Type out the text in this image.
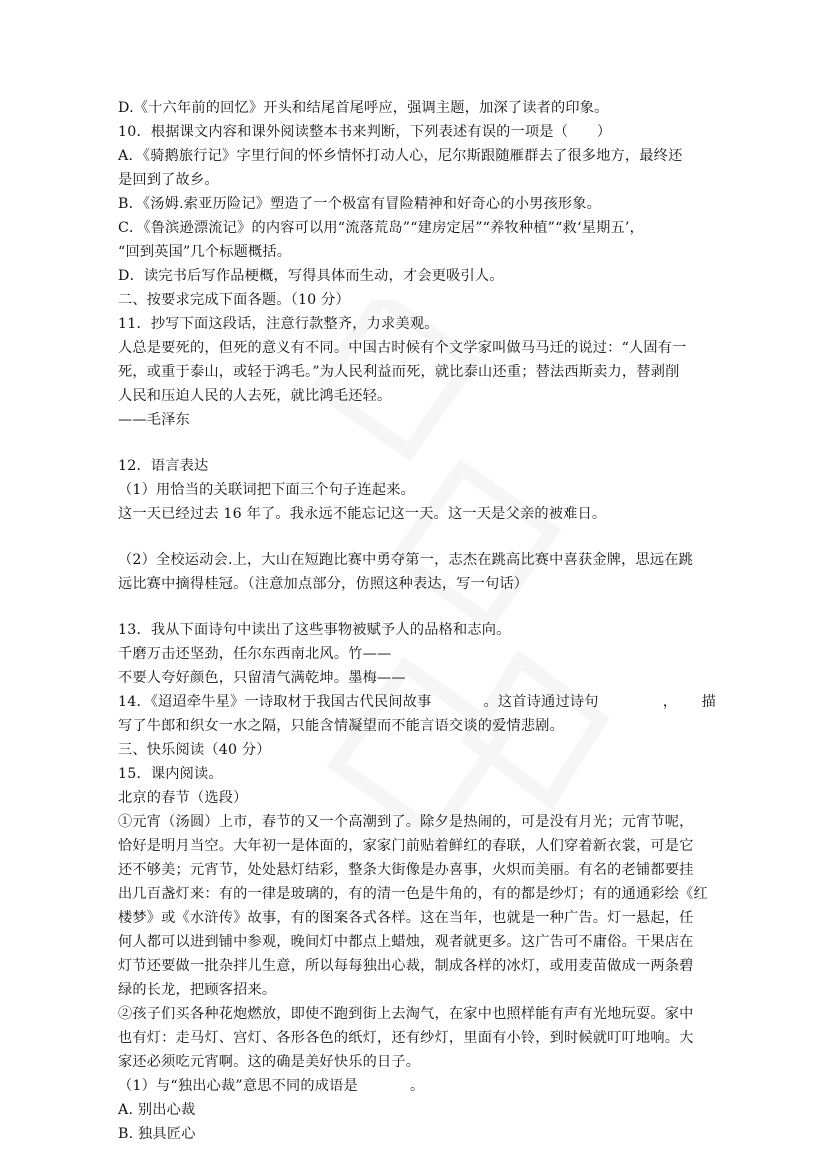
D.《十六年前的回忆》开头和结尾首尾呼应，强调主题，加深了读者的印象。

10．根据课文内容和课外阅读整本书来判断，下列表述有误的一项是（　　）

A．《骑鹅旅行记》字里行间的怀乡情怀打动人心，尼尔斯跟随雁群去了很多地方，最终还

是回到了故乡。

B．《汤姆.索亚历险记》塑造了一个极富有冒险精神和好奇心的小男孩形象。

C．《鲁滨逊漂流记》的内容可以用“流落荒岛”“建房定居”“养牧种植”“救‘星期五’，

“回到英国”几个标题概括。

D．读完书后写作品梗概，写得具体而生动，才会更吸引人。

二、按要求完成下面各题。（10 分）

11．抄写下面这段话，注意行款整齐，力求美观。

人总是要死的，但死的意义有不同。中国古时候有个文学家叫做马马迁的说过：“人固有一

死，或重于泰山，或轻于鸿毛。”为人民利益而死，就比泰山还重；替法西斯卖力，替剥削

人民和压迫人民的人去死，就比鸿毛还轻。

——毛泽东

12．语言表达

（1）用恰当的关联词把下面三个句子连起来。

这一天已经过去 16 年了。我永远不能忘记这一天。这一天是父亲的被难日。

（2）全校运动会.上，大山在短跑比赛中勇夺第一，志杰在跳高比赛中喜获金牌，思远在跳

远比赛中摘得桂冠。（注意加点部分，仿照这种表达，写一句话）

13．我从下面诗句中读出了这些事物被赋予人的品格和志向。

千磨万击还坚劲，任尔东西南北风。竹——

不要人夸好颜色，只留清气满乾坤。墨梅——

14．《迢迢牵牛星》一诗取材于我国古代民间故事	。这首诗通过诗句	， 描

写了牛郎和织女一水之隔，只能含情凝望而不能言语交谈的爱情悲剧。

三、快乐阅读（40 分）

15．课内阅读。

北京的春节（选段）

①元宵（汤圆）上市，春节的又一个高潮到了。除夕是热闹的，可是没有月光；元宵节呢，

恰好是明月当空。大年初一是体面的，家家门前贴着鲜红的春联，人们穿着新衣裳，可是它

还不够美；元宵节，处处悬灯结彩，整条大街像是办喜事，火炽而美丽。有名的老铺都要挂

出几百盏灯来：有的一律是玻璃的，有的清一色是牛角的，有的都是纱灯；有的通通彩绘《红

楼梦》或《水浒传》故事，有的图案各式各样。这在当年，也就是一种广告。灯一悬起，任

何人都可以进到铺中参观，晚间灯中都点上蜡烛，观者就更多。这广告可不庸俗。干果店在

灯节还要做一批杂拌儿生意，所以每每独出心裁，制成各样的冰灯，或用麦苗做成一两条碧

绿的长龙，把顾客招来。

②孩子们买各种花炮燃放，即使不跑到街上去淘气，在家中也照样能有声有光地玩耍。家中

也有灯：走马灯、宫灯、各形各色的纸灯，还有纱灯，里面有小铃，到时候就叮叮地响。大

家还必须吃元宵啊。这的确是美好快乐的日子。

（1）与“独出心裁”意思不同的成语是	。

A. 别出心裁

B. 独具匠心
